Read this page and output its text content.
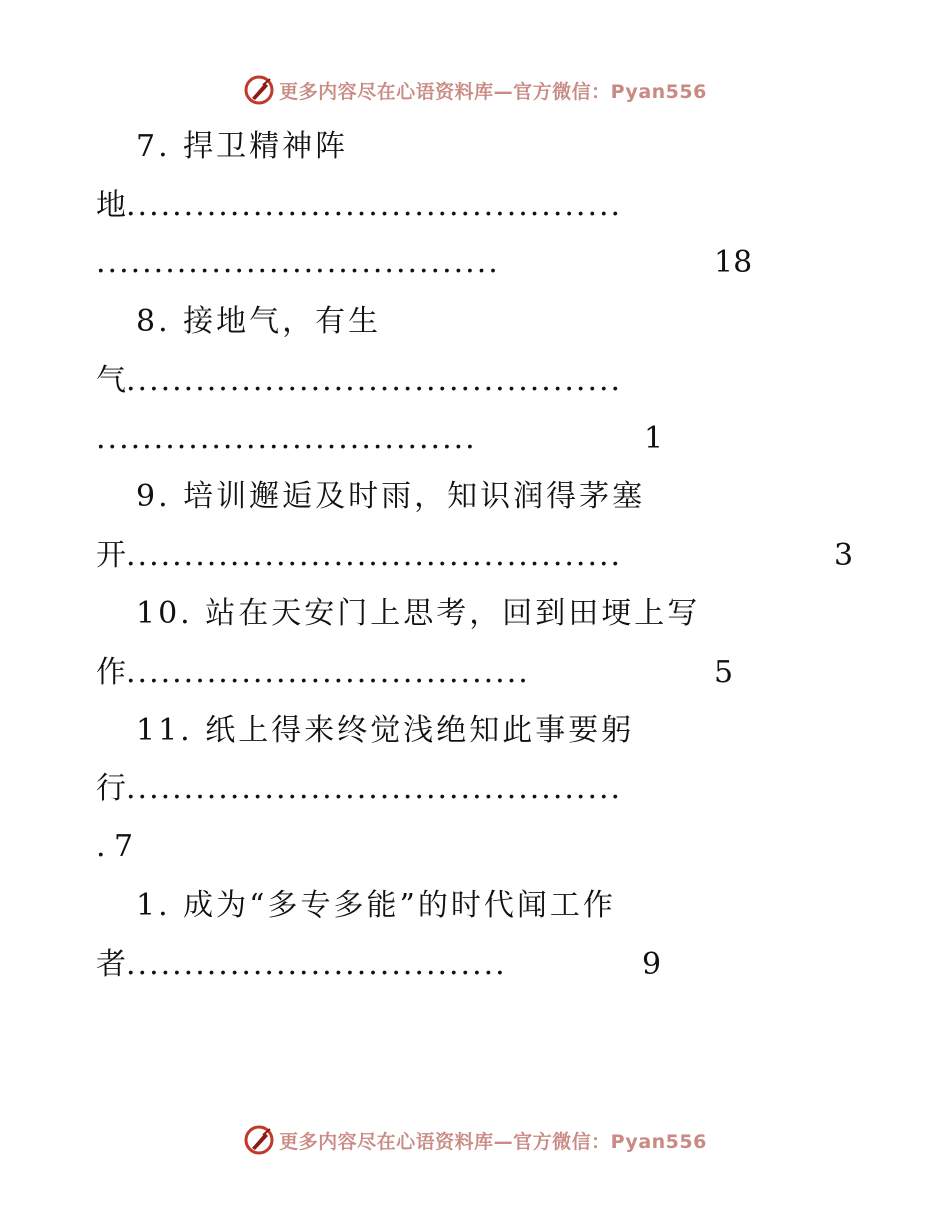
更多内容尽在心语资料库—官方微信：Pyan556
7. 捍卫精神阵
地...........................................
...................................	18
8. 接地气，有生
气...........................................
.................................	1
9. 培训邂逅及时雨，知识润得茅塞
开...........................................	3
10. 站在天安门上思考，回到田埂上写
作...................................	5
11. 纸上得来终觉浅绝知此事要躬
行...........................................
. 7
1. 成为“多专多能”的时代闻工作
者.................................	9
更多内容尽在心语资料库—官方微信：Pyan556
